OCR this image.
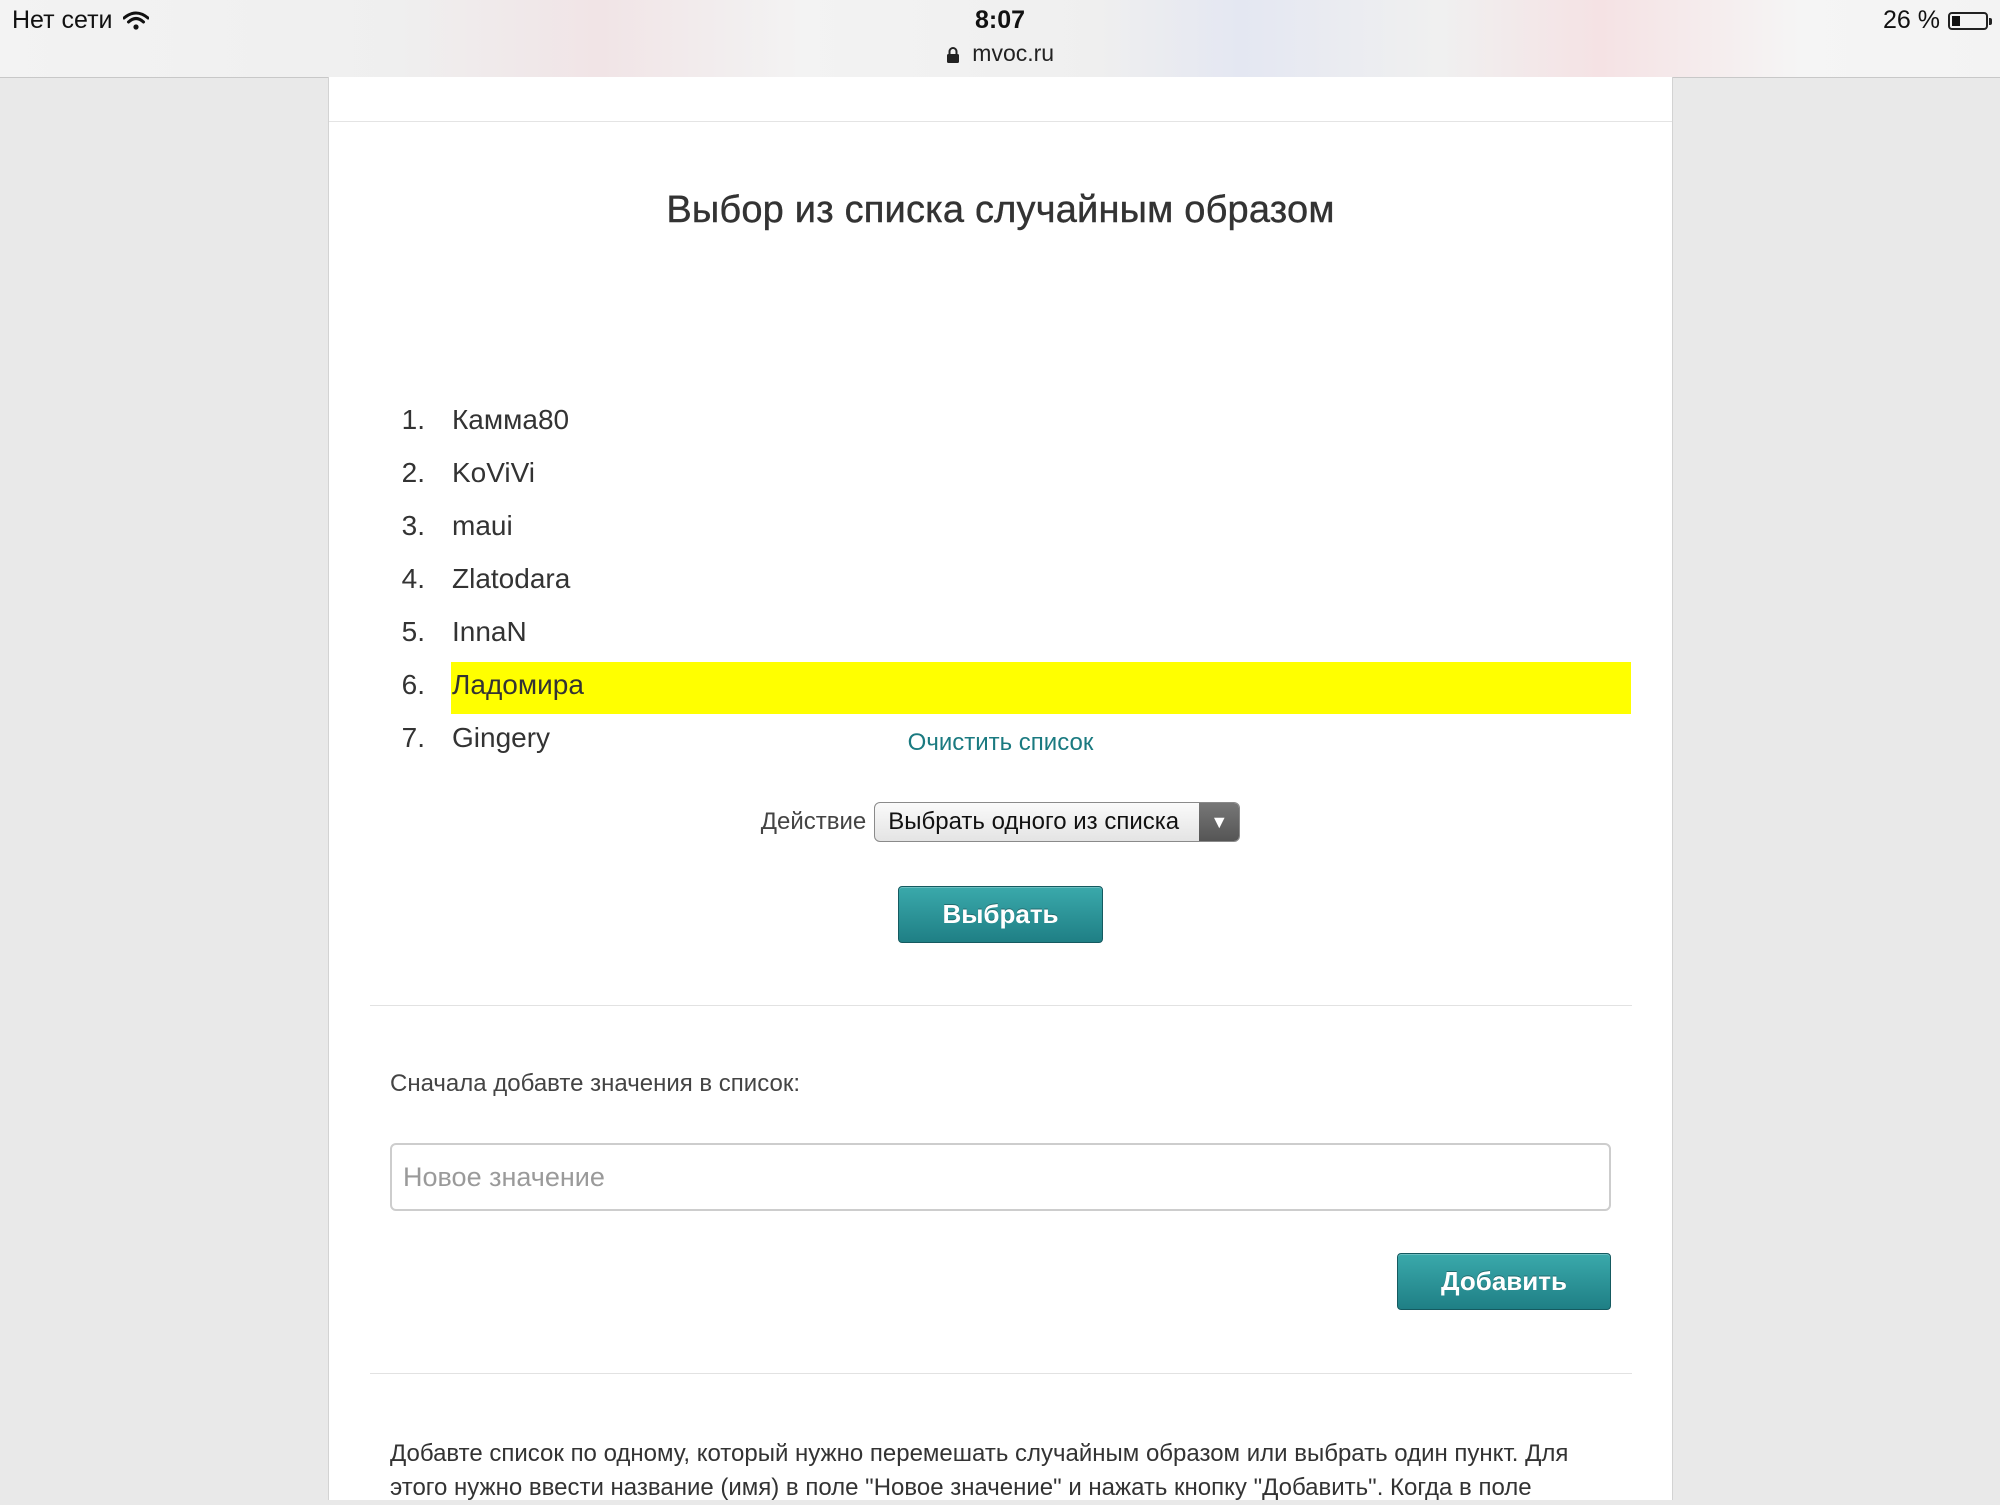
Нет сети	8:07
mvoc.ru
26 %
Выбор из списка случайным образом
1. Камма80
2. KoViVi
3. maui
4. Zlatodara
5. InnaN
6. Ладомира
7. Gingery	Очистить список
Действие Выбрать одного из списка	▼
Выбрать
Сначала добавте значения в список:
Новое значение
Добавить
Добавте список по одному, который нужно перемешать случайным образом или выбрать один пункт. Для этого нужно ввести название (имя) в поле "Новое значение" и нажать кнопку "Добавить". Когда в поле
